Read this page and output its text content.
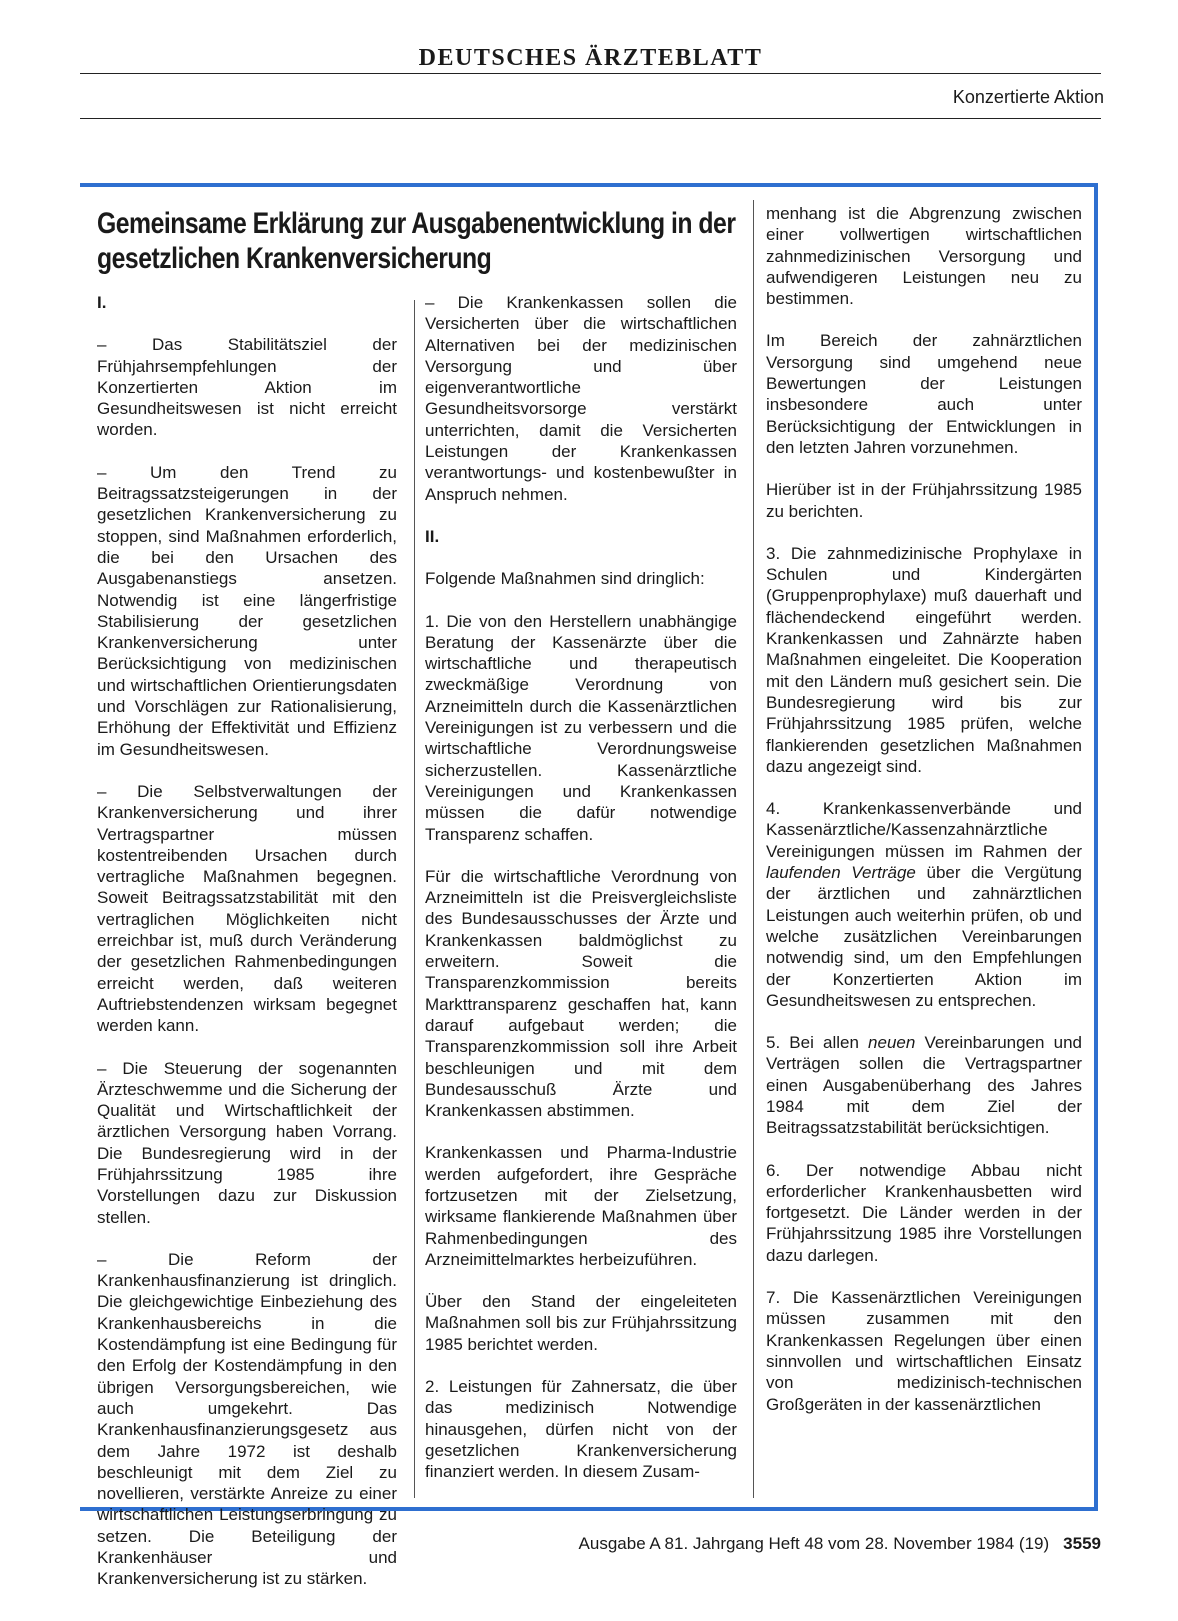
DEUTSCHES ÄRZTEBLATT
Konzertierte Aktion
Gemeinsame Erklärung zur Ausgabenentwicklung in der gesetzlichen Krankenversicherung

I.

– Das Stabilitätsziel der Frühjahrsempfehlungen der Konzertierten Aktion im Gesundheitswesen ist nicht erreicht worden.

– Um den Trend zu Beitragssatzsteigerungen in der gesetzlichen Krankenversicherung zu stoppen, sind Maßnahmen erforderlich, die bei den Ursachen des Ausgabenanstiegs ansetzen. Notwendig ist eine längerfristige Stabilisierung der gesetzlichen Krankenversicherung unter Berücksichtigung von medizinischen und wirtschaftlichen Orientierungsdaten und Vorschlägen zur Rationalisierung, Erhöhung der Effektivität und Effizienz im Gesundheitswesen.

– Die Selbstverwaltungen der Krankenversicherung und ihrer Vertragspartner müssen kostentreibenden Ursachen durch vertragliche Maßnahmen begegnen. Soweit Beitragssatzstabilität mit den vertraglichen Möglichkeiten nicht erreichbar ist, muß durch Veränderung der gesetzlichen Rahmenbedingungen erreicht werden, daß weiteren Auftriebstendenzen wirksam begegnet werden kann.

– Die Steuerung der sogenannten Ärzteschwemme und die Sicherung der Qualität und Wirtschaftlichkeit der ärztlichen Versorgung haben Vorrang. Die Bundesregierung wird in der Frühjahrssitzung 1985 ihre Vorstellungen dazu zur Diskussion stellen.

– Die Reform der Krankenhausfinanzierung ist dringlich. Die gleichgewichtige Einbeziehung des Krankenhausbereichs in die Kostendämpfung ist eine Bedingung für den Erfolg der Kostendämpfung in den übrigen Versorgungsbereichen, wie auch umgekehrt. Das Krankenhausfinanzierungsgesetz aus dem Jahre 1972 ist deshalb beschleunigt mit dem Ziel zu novellieren, verstärkte Anreize zu einer wirtschaftlichen Leistungserbringung zu setzen. Die Beteiligung der Krankenhäuser und Krankenversicherung ist zu stärken.

– Die Krankenkassen sollen die Versicherten über die wirtschaftlichen Alternativen bei der medizinischen Versorgung und über eigenverantwortliche Gesundheitsvorsorge verstärkt unterrichten, damit die Versicherten Leistungen der Krankenkassen verantwortungs- und kostenbewußter in Anspruch nehmen.

II.

Folgende Maßnahmen sind dringlich:

1. Die von den Herstellern unabhängige Beratung der Kassenärzte über die wirtschaftliche und therapeutisch zweckmäßige Verordnung von Arzneimitteln durch die Kassenärztlichen Vereinigungen ist zu verbessern und die wirtschaftliche Verordnungsweise sicherzustellen. Kassenärztliche Vereinigungen und Krankenkassen müssen die dafür notwendige Transparenz schaffen.

Für die wirtschaftliche Verordnung von Arzneimitteln ist die Preisvergleichsliste des Bundesausschusses der Ärzte und Krankenkassen baldmöglichst zu erweitern. Soweit die Transparenzkommission bereits Markttransparenz geschaffen hat, kann darauf aufgebaut werden; die Transparenzkommission soll ihre Arbeit beschleunigen und mit dem Bundesausschuß Ärzte und Krankenkassen abstimmen.

Krankenkassen und Pharma-Industrie werden aufgefordert, ihre Gespräche fortzusetzen mit der Zielsetzung, wirksame flankierende Maßnahmen über Rahmenbedingungen des Arzneimittelmarktes herbeizuführen.

Über den Stand der eingeleiteten Maßnahmen soll bis zur Frühjahrssitzung 1985 berichtet werden.

2. Leistungen für Zahnersatz, die über das medizinisch Notwendige hinausgehen, dürfen nicht von der gesetzlichen Krankenversicherung finanziert werden. In diesem Zusam-

menhang ist die Abgrenzung zwischen einer vollwertigen wirtschaftlichen zahnmedizinischen Versorgung und aufwendigeren Leistungen neu zu bestimmen.

Im Bereich der zahnärztlichen Versorgung sind umgehend neue Bewertungen der Leistungen insbesondere auch unter Berücksichtigung der Entwicklungen in den letzten Jahren vorzunehmen.

Hierüber ist in der Frühjahrssitzung 1985 zu berichten.

3. Die zahnmedizinische Prophylaxe in Schulen und Kindergärten (Gruppenprophylaxe) muß dauerhaft und flächendeckend eingeführt werden. Krankenkassen und Zahnärzte haben Maßnahmen eingeleitet. Die Kooperation mit den Ländern muß gesichert sein. Die Bundesregierung wird bis zur Frühjahrssitzung 1985 prüfen, welche flankierenden gesetzlichen Maßnahmen dazu angezeigt sind.

4. Krankenkassenverbände und Kassenärztliche/Kassenzahnärztliche Vereinigungen müssen im Rahmen der laufenden Verträge über die Vergütung der ärztlichen und zahnärztlichen Leistungen auch weiterhin prüfen, ob und welche zusätzlichen Vereinbarungen notwendig sind, um den Empfehlungen der Konzertierten Aktion im Gesundheitswesen zu entsprechen.

5. Bei allen neuen Vereinbarungen und Verträgen sollen die Vertragspartner einen Ausgabenüberhang des Jahres 1984 mit dem Ziel der Beitragssatzstabilität berücksichtigen.

6. Der notwendige Abbau nicht erforderlicher Krankenhausbetten wird fortgesetzt. Die Länder werden in der Frühjahrssitzung 1985 ihre Vorstellungen dazu darlegen.

7. Die Kassenärztlichen Vereinigungen müssen zusammen mit den Krankenkassen Regelungen über einen sinnvollen und wirtschaftlichen Einsatz von medizinisch-technischen Großgeräten in der kassenärztlichen

Ausgabe A 81. Jahrgang Heft 48 vom 28. November 1984 (19) 3559
